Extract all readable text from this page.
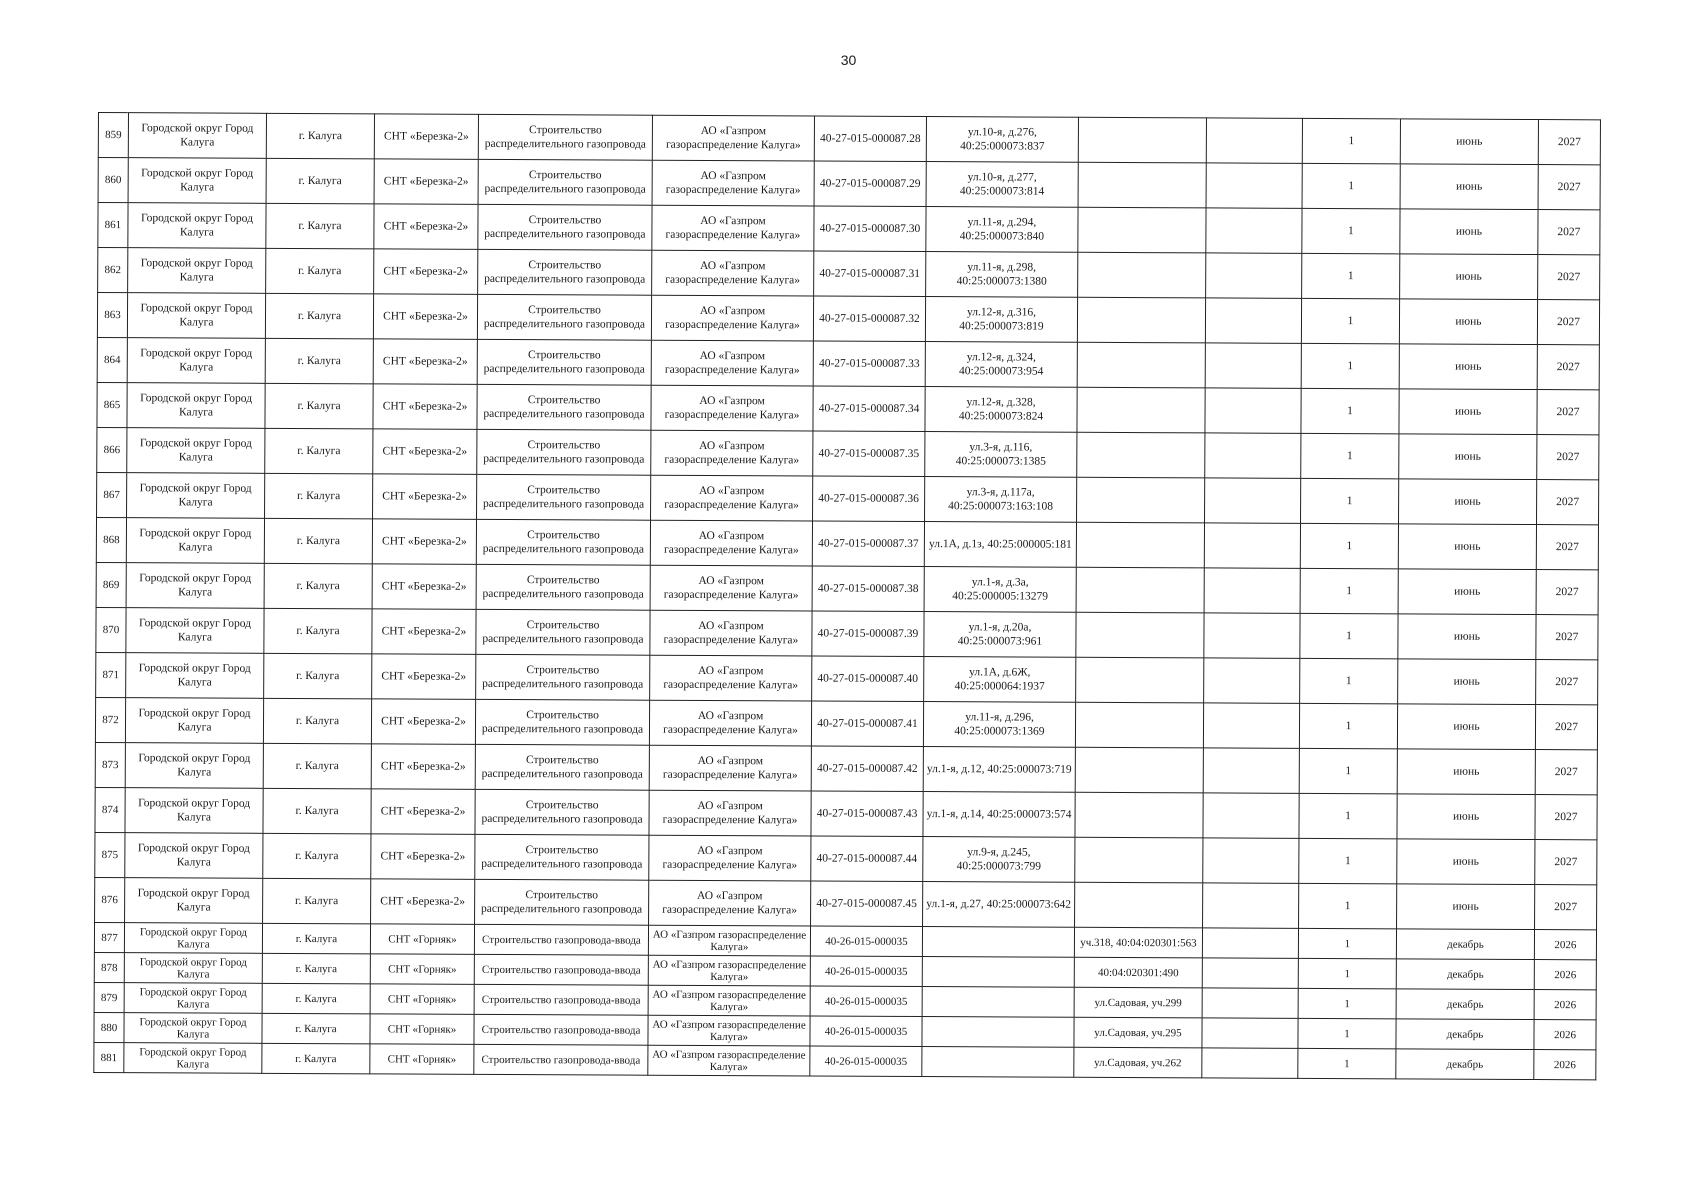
30
859	Городской округ Город Калуга	г. Калуга	СНТ «Березка-2»	Строительство распределительного газопровода	АО «Газпром газораспределение Калуга»	40-27-015-000087.28	ул.10-я, д.276, 40:25:000073:837			1	июнь	2027
860	Городской округ Город Калуга	г. Калуга	СНТ «Березка-2»	Строительство распределительного газопровода	АО «Газпром газораспределение Калуга»	40-27-015-000087.29	ул.10-я, д.277, 40:25:000073:814			1	июнь	2027
861	Городской округ Город Калуга	г. Калуга	СНТ «Березка-2»	Строительство распределительного газопровода	АО «Газпром газораспределение Калуга»	40-27-015-000087.30	ул.11-я, д.294, 40:25:000073:840			1	июнь	2027
862	Городской округ Город Калуга	г. Калуга	СНТ «Березка-2»	Строительство распределительного газопровода	АО «Газпром газораспределение Калуга»	40-27-015-000087.31	ул.11-я, д.298, 40:25:000073:1380			1	июнь	2027
863	Городской округ Город Калуга	г. Калуга	СНТ «Березка-2»	Строительство распределительного газопровода	АО «Газпром газораспределение Калуга»	40-27-015-000087.32	ул.12-я, д.316, 40:25:000073:819			1	июнь	2027
864	Городской округ Город Калуга	г. Калуга	СНТ «Березка-2»	Строительство распределительного газопровода	АО «Газпром газораспределение Калуга»	40-27-015-000087.33	ул.12-я, д.324, 40:25:000073:954			1	июнь	2027
865	Городской округ Город Калуга	г. Калуга	СНТ «Березка-2»	Строительство распределительного газопровода	АО «Газпром газораспределение Калуга»	40-27-015-000087.34	ул.12-я, д.328, 40:25:000073:824			1	июнь	2027
866	Городской округ Город Калуга	г. Калуга	СНТ «Березка-2»	Строительство распределительного газопровода	АО «Газпром газораспределение Калуга»	40-27-015-000087.35	ул.3-я, д.116, 40:25:000073:1385			1	июнь	2027
867	Городской округ Город Калуга	г. Калуга	СНТ «Березка-2»	Строительство распределительного газопровода	АО «Газпром газораспределение Калуга»	40-27-015-000087.36	ул.3-я, д.117а, 40:25:000073:163:108			1	июнь	2027
868	Городской округ Город Калуга	г. Калуга	СНТ «Березка-2»	Строительство распределительного газопровода	АО «Газпром газораспределение Калуга»	40-27-015-000087.37	ул.1А, д.1з, 40:25:000005:181			1	июнь	2027
869	Городской округ Город Калуга	г. Калуга	СНТ «Березка-2»	Строительство распределительного газопровода	АО «Газпром газораспределение Калуга»	40-27-015-000087.38	ул.1-я, д.3а, 40:25:000005:13279			1	июнь	2027
870	Городской округ Город Калуга	г. Калуга	СНТ «Березка-2»	Строительство распределительного газопровода	АО «Газпром газораспределение Калуга»	40-27-015-000087.39	ул.1-я, д.20а, 40:25:000073:961			1	июнь	2027
871	Городской округ Город Калуга	г. Калуга	СНТ «Березка-2»	Строительство распределительного газопровода	АО «Газпром газораспределение Калуга»	40-27-015-000087.40	ул.1А, д.6Ж, 40:25:000064:1937			1	июнь	2027
872	Городской округ Город Калуга	г. Калуга	СНТ «Березка-2»	Строительство распределительного газопровода	АО «Газпром газораспределение Калуга»	40-27-015-000087.41	ул.11-я, д.296, 40:25:000073:1369			1	июнь	2027
873	Городской округ Город Калуга	г. Калуга	СНТ «Березка-2»	Строительство распределительного газопровода	АО «Газпром газораспределение Калуга»	40-27-015-000087.42	ул.1-я, д.12, 40:25:000073:719			1	июнь	2027
874	Городской округ Город Калуга	г. Калуга	СНТ «Березка-2»	Строительство распределительного газопровода	АО «Газпром газораспределение Калуга»	40-27-015-000087.43	ул.1-я, д.14, 40:25:000073:574			1	июнь	2027
875	Городской округ Город Калуга	г. Калуга	СНТ «Березка-2»	Строительство распределительного газопровода	АО «Газпром газораспределение Калуга»	40-27-015-000087.44	ул.9-я, д.245, 40:25:000073:799			1	июнь	2027
876	Городской округ Город Калуга	г. Калуга	СНТ «Березка-2»	Строительство распределительного газопровода	АО «Газпром газораспределение Калуга»	40-27-015-000087.45	ул.1-я, д.27, 40:25:000073:642			1	июнь	2027
877	Городской округ Город Калуга	г. Калуга	СНТ «Горняк»	Строительство газопровода-ввода	АО «Газпром газораспределение Калуга»	40-26-015-000035		уч.318, 40:04:020301:563		1	декабрь	2026
878	Городской округ Город Калуга	г. Калуга	СНТ «Горняк»	Строительство газопровода-ввода	АО «Газпром газораспределение Калуга»	40-26-015-000035		40:04:020301:490		1	декабрь	2026
879	Городской округ Город Калуга	г. Калуга	СНТ «Горняк»	Строительство газопровода-ввода	АО «Газпром газораспределение Калуга»	40-26-015-000035		ул.Садовая, уч.299		1	декабрь	2026
880	Городской округ Город Калуга	г. Калуга	СНТ «Горняк»	Строительство газопровода-ввода	АО «Газпром газораспределение Калуга»	40-26-015-000035		ул.Садовая, уч.295		1	декабрь	2026
881	Городской округ Город Калуга	г. Калуга	СНТ «Горняк»	Строительство газопровода-ввода	АО «Газпром газораспределение Калуга»	40-26-015-000035		ул.Садовая, уч.262		1	декабрь	2026
